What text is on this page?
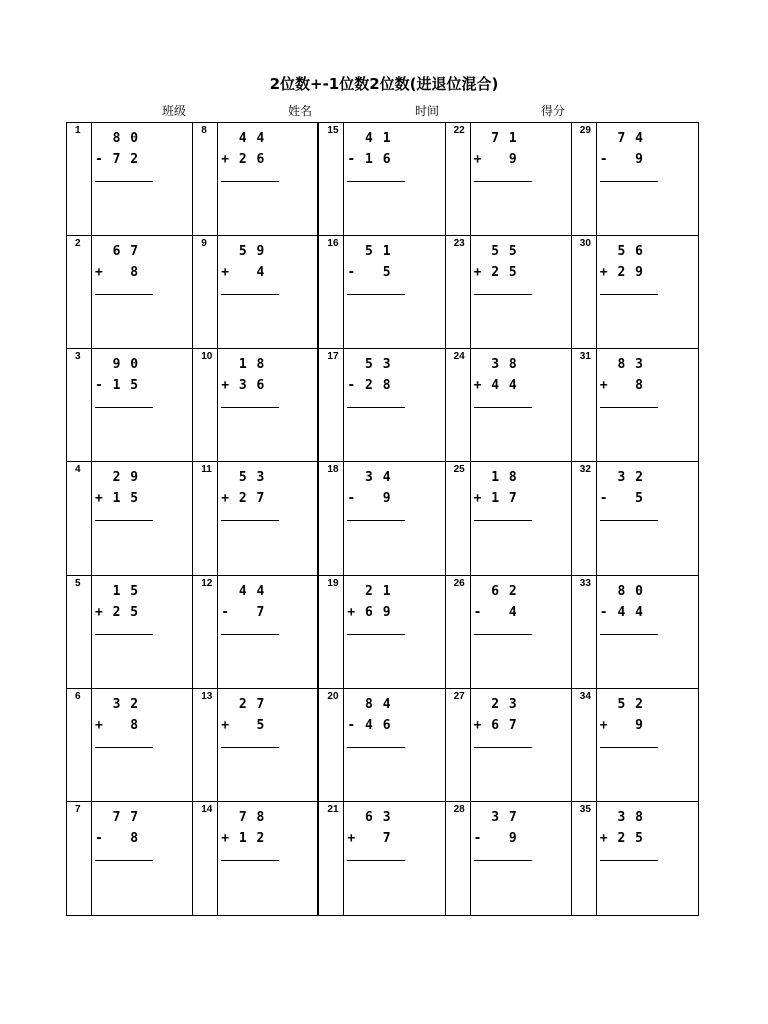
2位数+-1位数2位数(进退位混合)
班级	姓名	时间	得分
1
8 0
- 7 2
8
4 4
+ 2 6
15
4 1
- 1 6
22
7 1
+   9
29
7 4
-   9
2
6 7
+   8
9
5 9
+   4
16
5 1
-   5
23
5 5
+ 2 5
30
5 6
+ 2 9
3
9 0
- 1 5
10
1 8
+ 3 6
17
5 3
- 2 8
24
3 8
+ 4 4
31
8 3
+   8
4
2 9
+ 1 5
11
5 3
+ 2 7
18
3 4
-   9
25
1 8
+ 1 7
32
3 2
-   5
5
1 5
+ 2 5
12
4 4
-   7
19
2 1
+ 6 9
26
6 2
-   4
33
8 0
- 4 4
6
3 2
+   8
13
2 7
+   5
20
8 4
- 4 6
27
2 3
+ 6 7
34
5 2
+   9
7
7 7
-   8
14
7 8
+ 1 2
21
6 3
+   7
28
3 7
-   9
35
3 8
+ 2 5
